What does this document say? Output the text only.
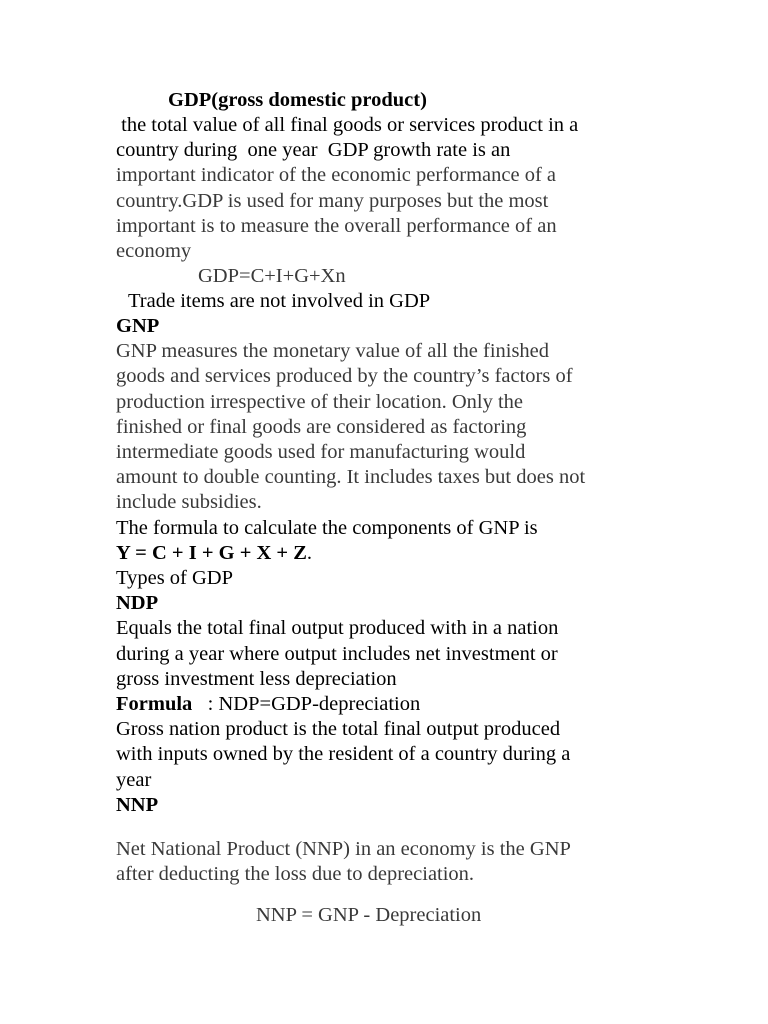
GDP(gross domestic product)
the total value of all final goods or services product in a
country during  one year  GDP growth rate is an
important indicator of the economic performance of a
country.GDP is used for many purposes but the most
important is to measure the overall performance of an
economy
GDP=C+I+G+Xn
Trade items are not involved in GDP
GNP
GNP measures the monetary value of all the finished
goods and services produced by the country’s factors of
production irrespective of their location. Only the
finished or final goods are considered as factoring
intermediate goods used for manufacturing would
amount to double counting. It includes taxes but does not
include subsidies.
The formula to calculate the components of GNP is
Y = C + I + G + X + Z.
Types of GDP
NDP
Equals the total final output produced with in a nation
during a year where output includes net investment or
gross investment less depreciation
Formula   : NDP=GDP-depreciation
Gross nation product is the total final output produced
with inputs owned by the resident of a country during a
year
NNP
Net National Product (NNP) in an economy is the GNP
after deducting the loss due to depreciation.
NNP = GNP - Depreciation
